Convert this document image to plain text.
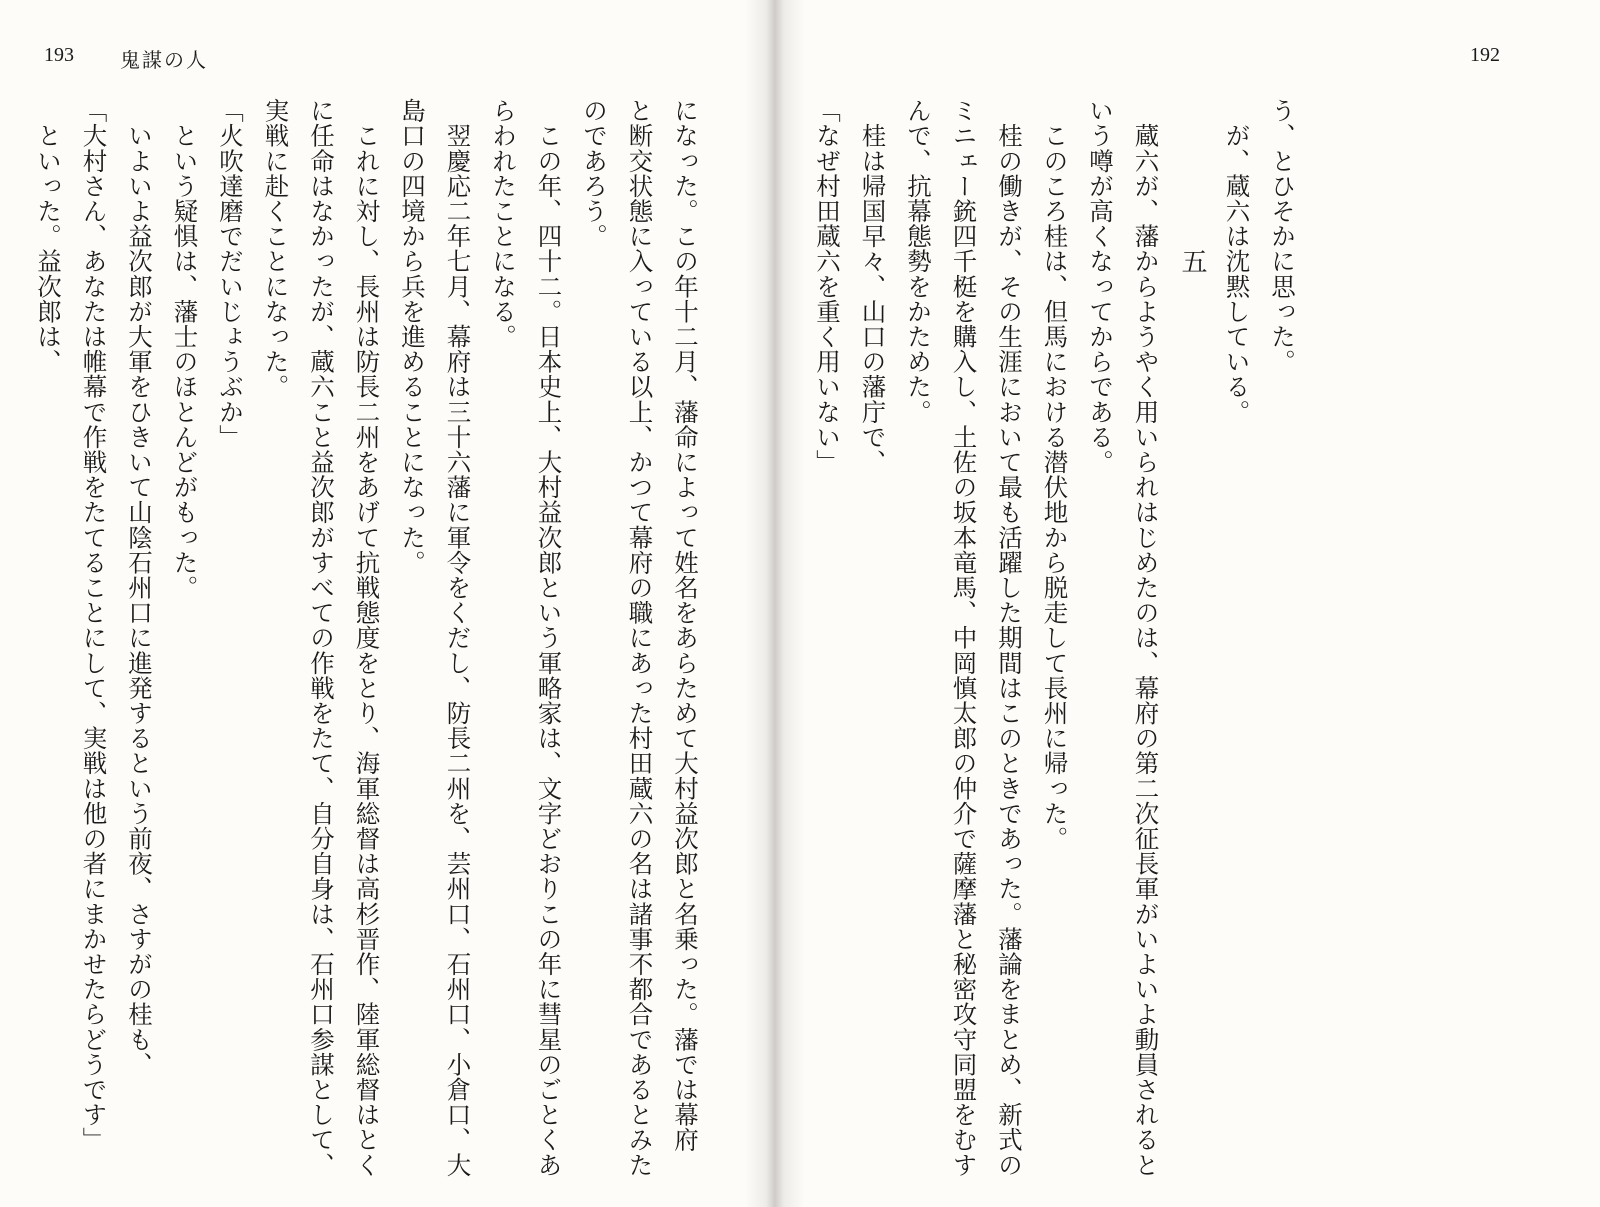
192
う、とひそかに思った。
　が、蔵六は沈黙している。
五
　蔵六が、藩からようやく用いられはじめたのは、幕府の第二次征長軍がいよいよ動員されると
いう噂が高くなってからである。
　このころ桂は、但馬における潜伏地から脱走して長州に帰った。
　桂の働きが、その生涯において最も活躍した期間はこのときであった。藩論をまとめ、新式の
ミニェー銃四千梃を購入し、土佐の坂本竜馬、中岡慎太郎の仲介で薩摩藩と秘密攻守同盟をむす
んで、抗幕態勢をかためた。
　桂は帰国早々、山口の藩庁で、
「なぜ村田蔵六を重く用いない」
193 鬼謀の人
になった。この年十二月、藩命によって姓名をあらためて大村益次郎と名乗った。藩では幕府
と断交状態に入っている以上、かつて幕府の職にあった村田蔵六の名は諸事不都合であるとみた
のであろう。
　この年、四十二。日本史上、大村益次郎という軍略家は、文字どおりこの年に彗星のごとくあ
らわれたことになる。
　翌慶応二年七月、幕府は三十六藩に軍令をくだし、防長二州を、芸州口、石州口、小倉口、大
島口の四境から兵を進めることになった。
　これに対し、長州は防長二州をあげて抗戦態度をとり、海軍総督は高杉晋作、陸軍総督はとく
に任命はなかったが、蔵六こと益次郎がすべての作戦をたて、自分自身は、石州口参謀として、
実戦に赴くことになった。
「火吹達磨でだいじょうぶか」
　という疑惧は、藩士のほとんどがもった。
　いよいよ益次郎が大軍をひきいて山陰石州口に進発するという前夜、さすがの桂も、
「大村さん、あなたは帷幕で作戦をたてることにして、実戦は他の者にまかせたらどうです」
　といった。益次郎は、
